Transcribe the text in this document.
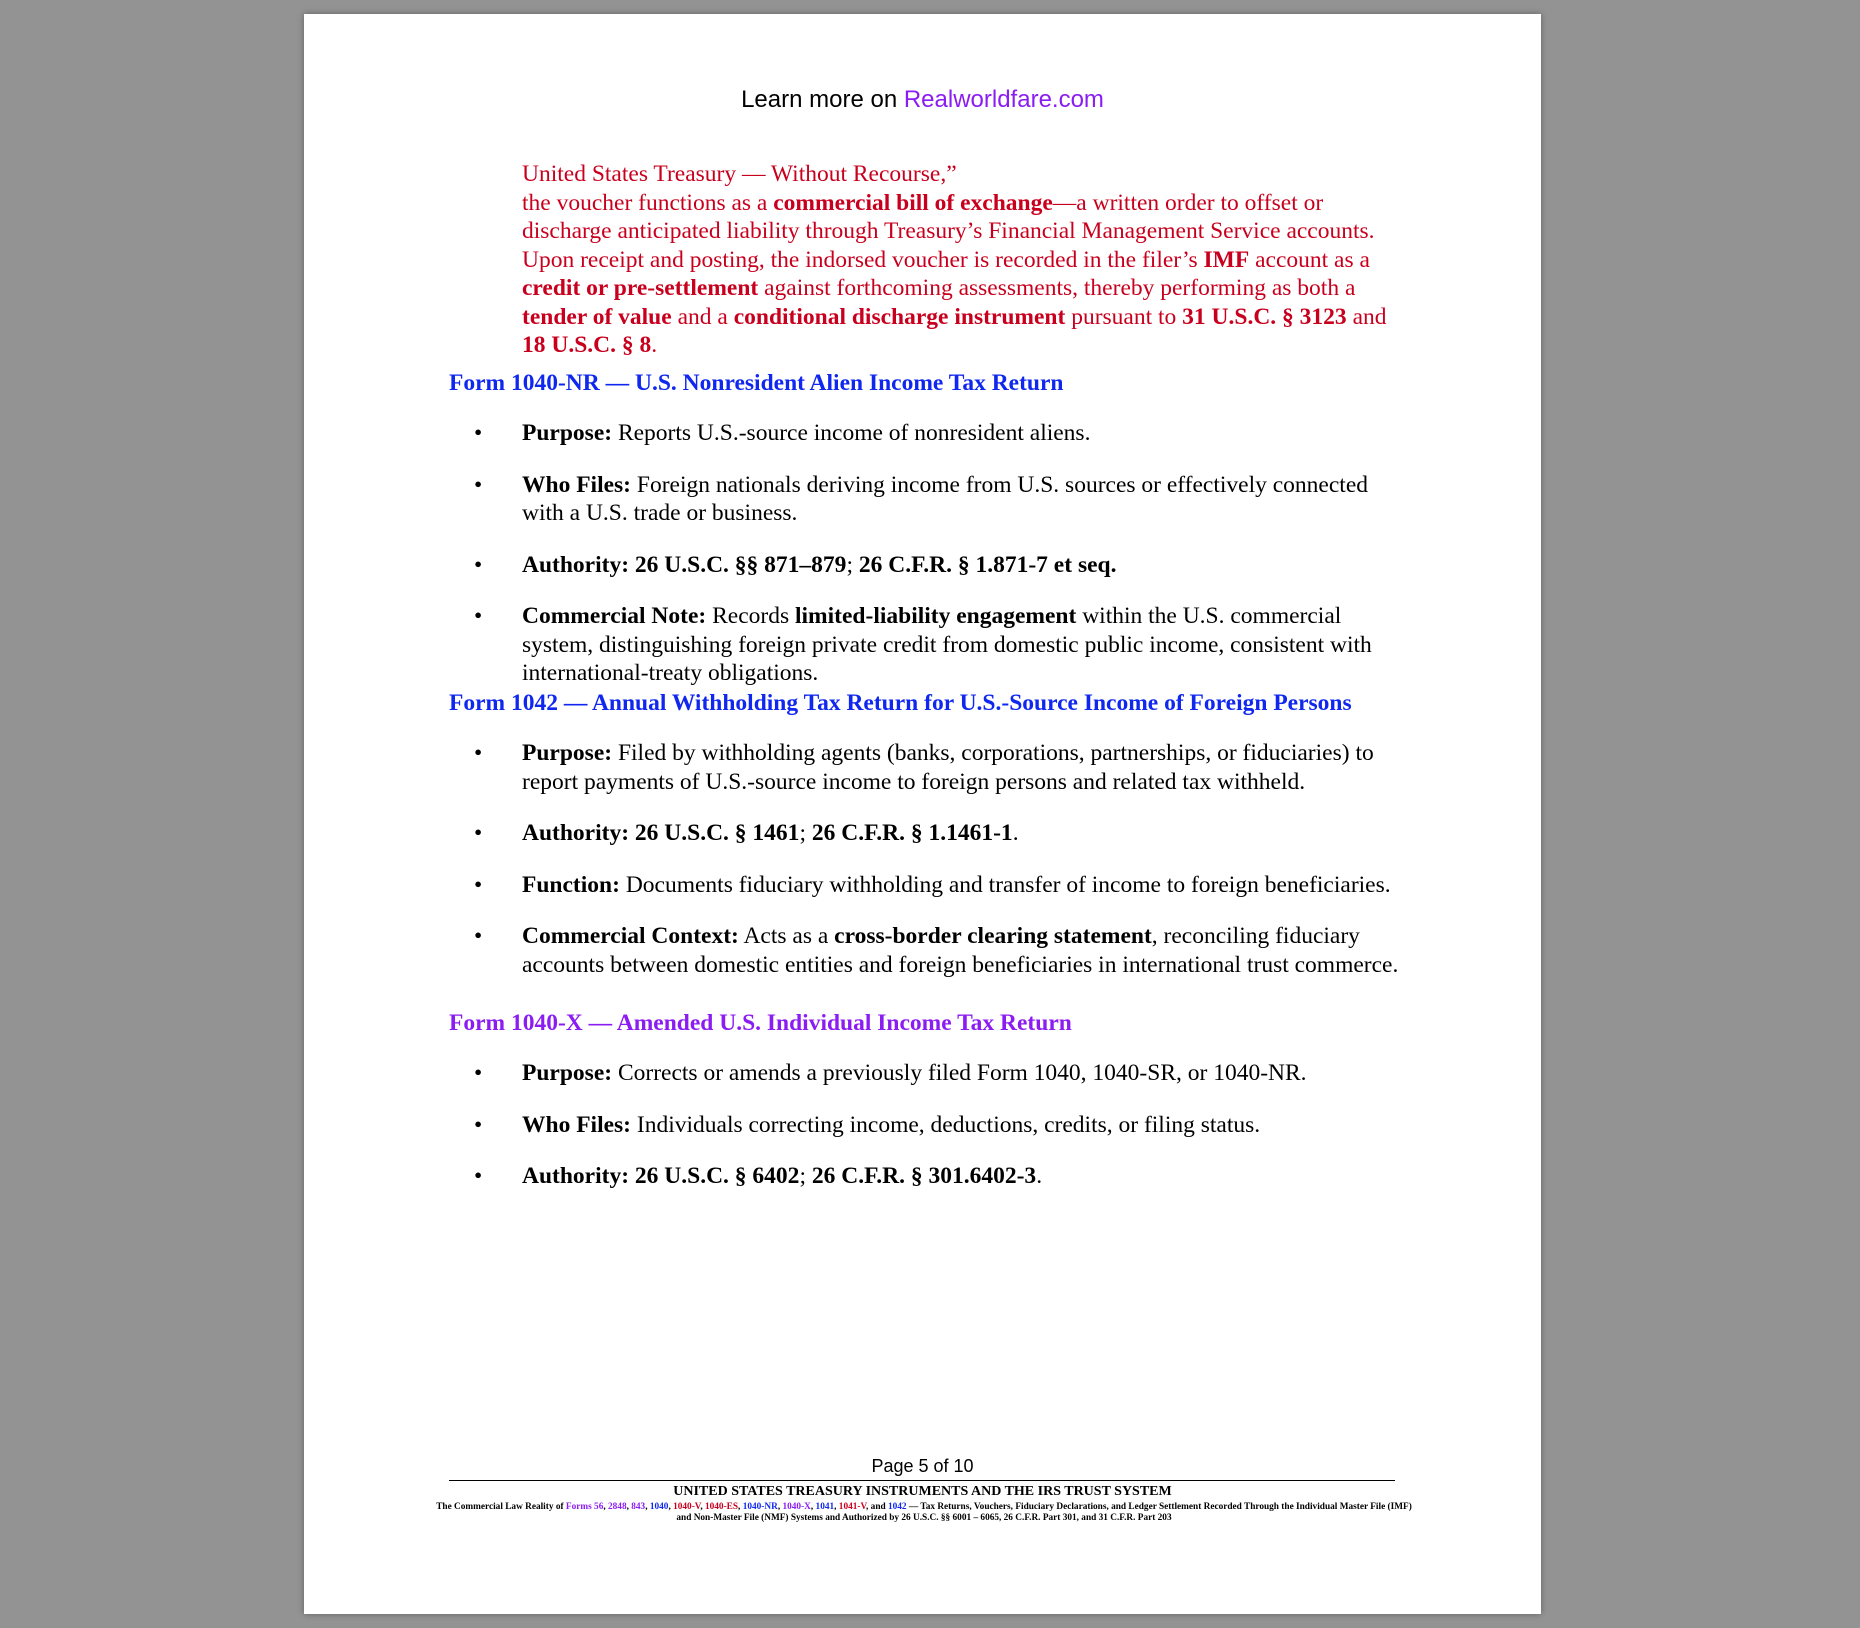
Learn more on Realworldfare.com

United States Treasury — Without Recourse,”

the voucher functions as a commercial bill of exchange—a written order to offset or discharge anticipated liability through Treasury’s Financial Management Service accounts.

Upon receipt and posting, the indorsed voucher is recorded in the filer’s IMF account as a credit or pre-settlement against forthcoming assessments, thereby performing as both a tender of value and a conditional discharge instrument pursuant to 31 U.S.C. § 3123 and 18 U.S.C. § 8.

Form 1040-NR — U.S. Nonresident Alien Income Tax Return
• Purpose: Reports U.S.-source income of nonresident aliens.
• Who Files: Foreign nationals deriving income from U.S. sources or effectively connected with a U.S. trade or business.
• Authority: 26 U.S.C. §§ 871–879; 26 C.F.R. § 1.871-7 et seq.
• Commercial Note: Records limited-liability engagement within the U.S. commercial system, distinguishing foreign private credit from domestic public income, consistent with international-treaty obligations.
Form 1042 — Annual Withholding Tax Return for U.S.-Source Income of Foreign Persons
• Purpose: Filed by withholding agents (banks, corporations, partnerships, or fiduciaries) to report payments of U.S.-source income to foreign persons and related tax withheld.
• Authority: 26 U.S.C. § 1461; 26 C.F.R. § 1.1461-1.
• Function: Documents fiduciary withholding and transfer of income to foreign beneficiaries.
• Commercial Context: Acts as a cross-border clearing statement, reconciling fiduciary accounts between domestic entities and foreign beneficiaries in international trust commerce.
Form 1040-X — Amended U.S. Individual Income Tax Return
• Purpose: Corrects or amends a previously filed Form 1040, 1040-SR, or 1040-NR.
• Who Files: Individuals correcting income, deductions, credits, or filing status.
• Authority: 26 U.S.C. § 6402; 26 C.F.R. § 301.6402-3.
Page 5 of 10
UNITED STATES TREASURY INSTRUMENTS AND THE IRS TRUST SYSTEM
The Commercial Law Reality of Forms 56, 2848, 843, 1040, 1040-V, 1040-ES, 1040-NR, 1040-X, 1041, 1041-V, and 1042 — Tax Returns, Vouchers, Fiduciary Declarations, and Ledger Settlement Recorded Through the Individual Master File (IMF) and Non-Master File (NMF) Systems and Authorized by 26 U.S.C. §§ 6001 – 6065, 26 C.F.R. Part 301, and 31 C.F.R. Part 203
